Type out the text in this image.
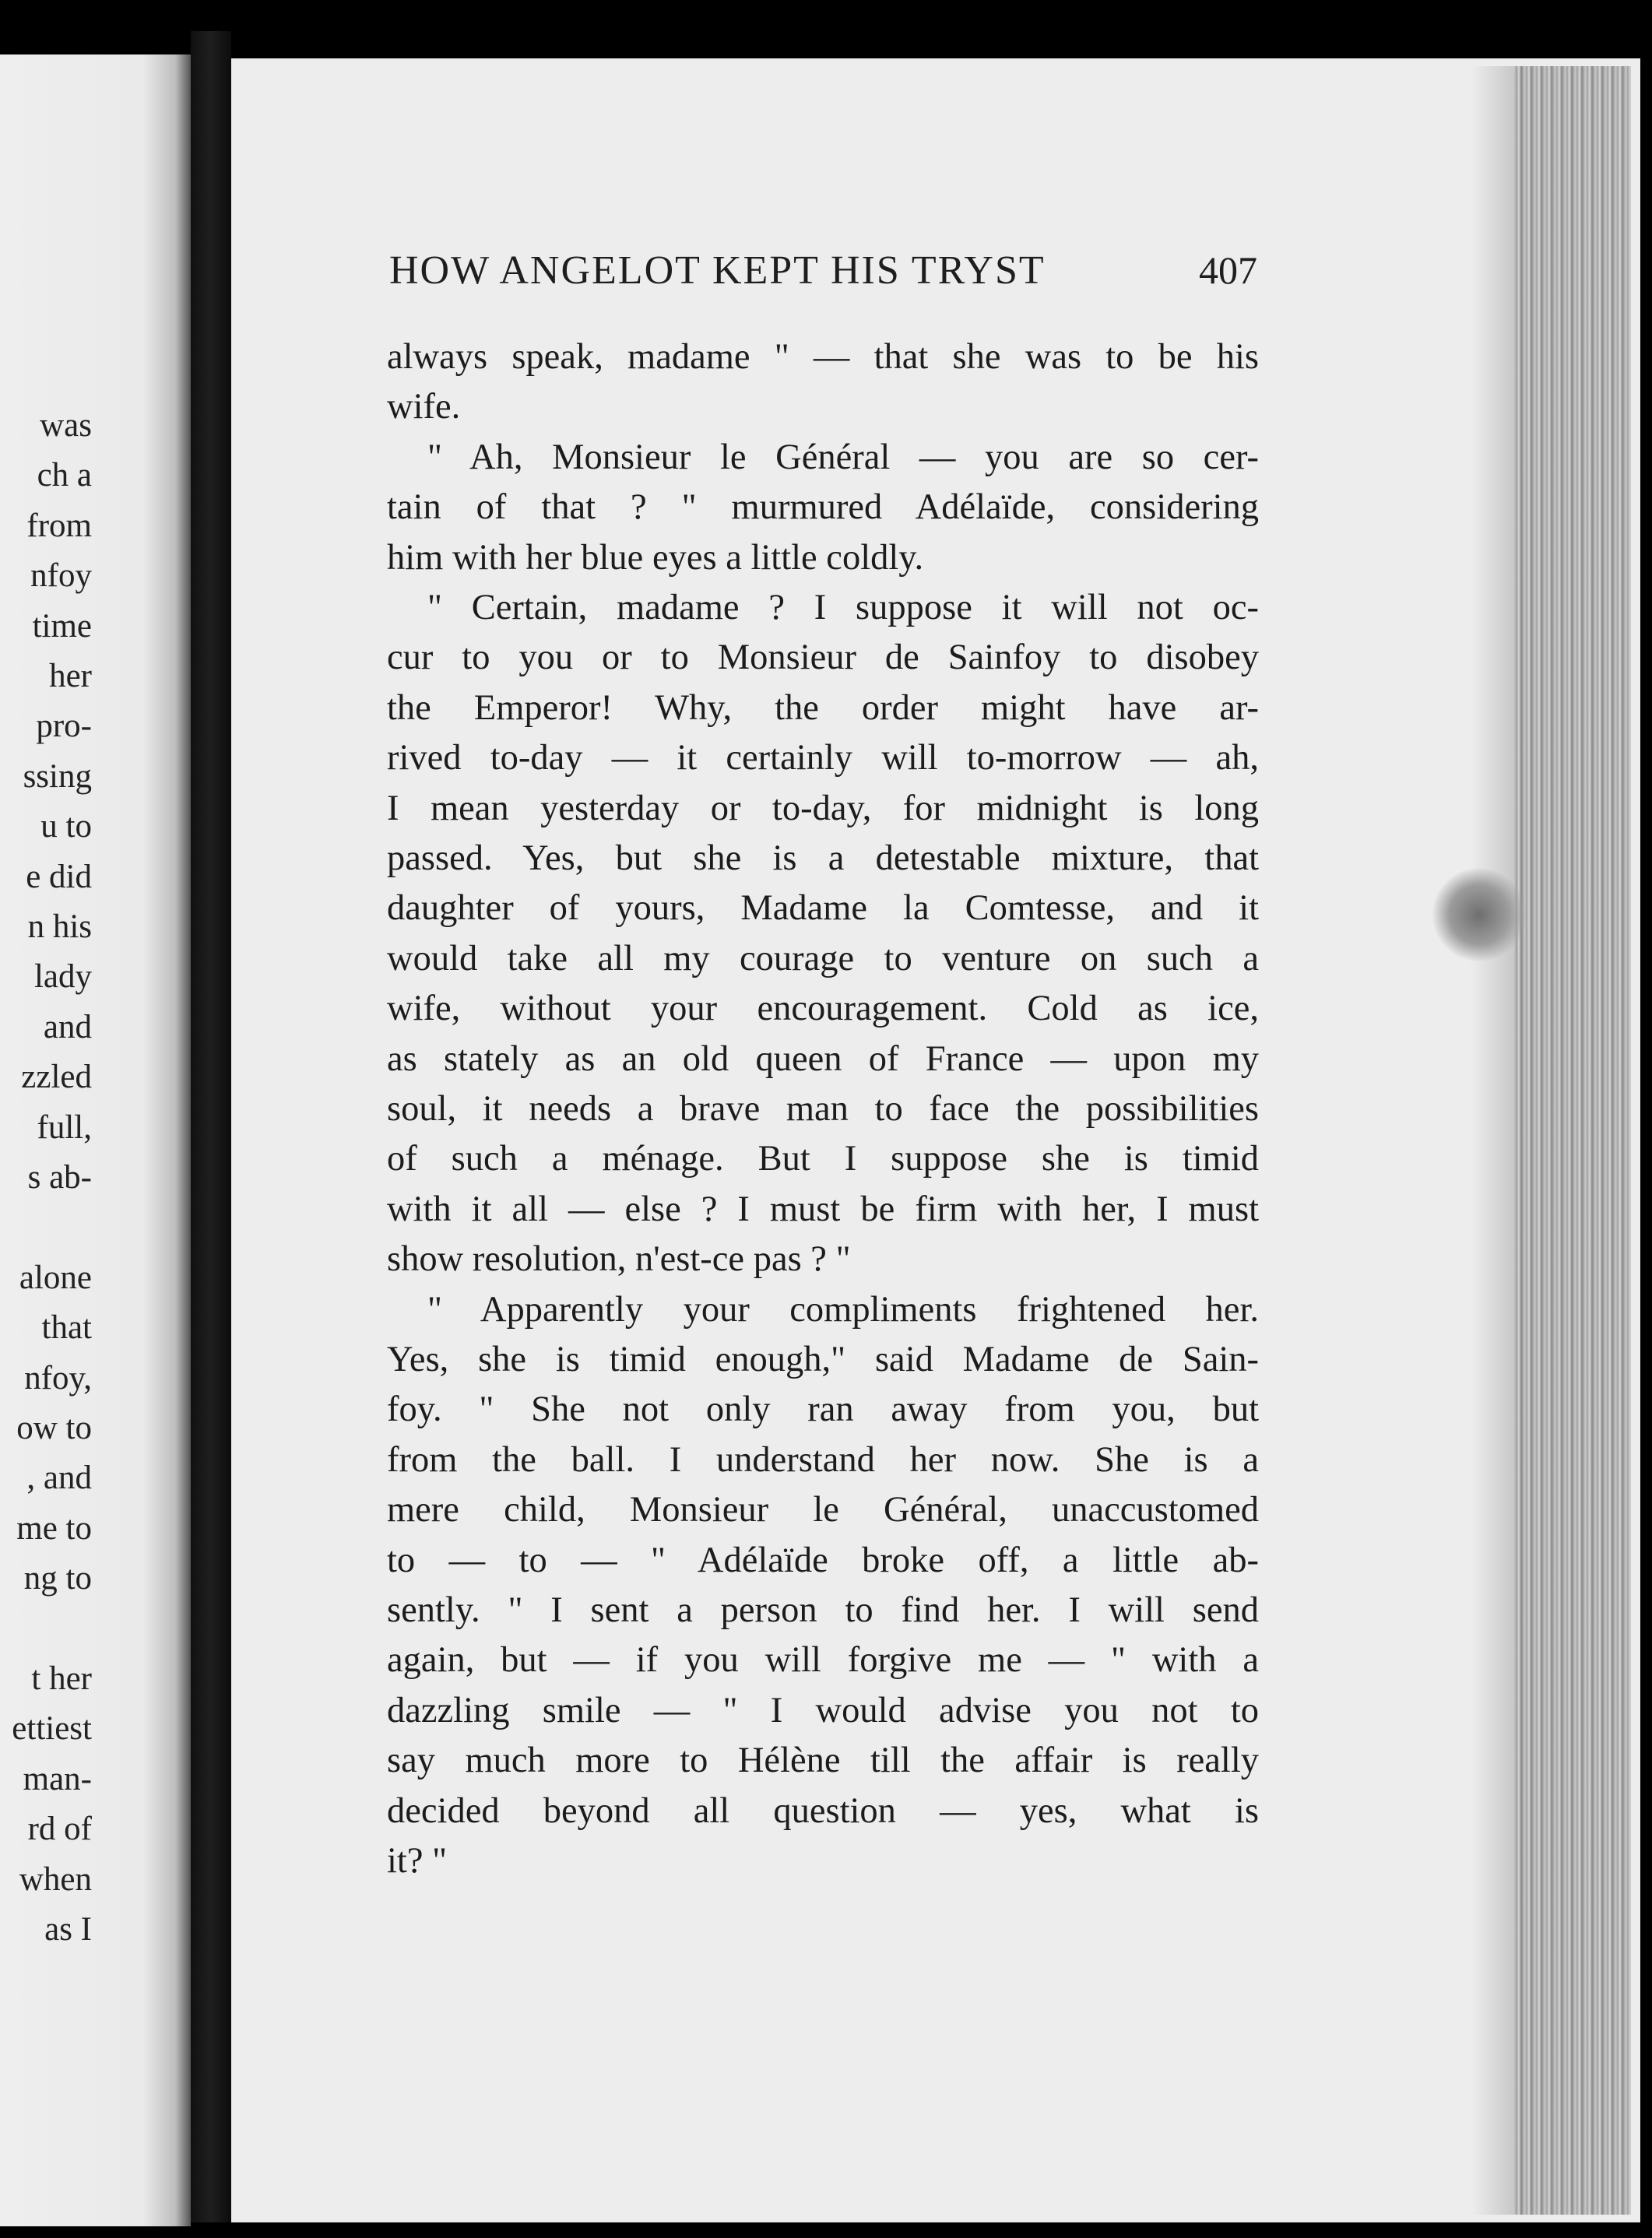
was
ch a
from
nfoy
time
her
pro-
ssing
u to
e did
n his
lady
and
zzled
full,
s ab-
alone
that
nfoy,
ow to
, and
me to
ng to
t her
ettiest
man-
rd of
when
as I
HOW ANGELOT KEPT HIS TRYST	407
always speak, madame " — that she was to be his
wife.
" Ah, Monsieur le Général — you are so cer-
tain of that ? " murmured Adélaïde, considering
him with her blue eyes a little coldly.
" Certain, madame ? I suppose it will not oc-
cur to you or to Monsieur de Sainfoy to disobey
the Emperor! Why, the order might have ar-
rived to-day — it certainly will to-morrow — ah,
I mean yesterday or to-day, for midnight is long
passed. Yes, but she is a detestable mixture, that
daughter of yours, Madame la Comtesse, and it
would take all my courage to venture on such a
wife, without your encouragement. Cold as ice,
as stately as an old queen of France — upon my
soul, it needs a brave man to face the possibilities
of such a ménage. But I suppose she is timid
with it all — else ? I must be firm with her, I must
show resolution, n'est-ce pas ? "
" Apparently your compliments frightened her.
Yes, she is timid enough," said Madame de Sain-
foy. " She not only ran away from you, but
from the ball. I understand her now. She is a
mere child, Monsieur le Général, unaccustomed
to — to — " Adélaïde broke off, a little ab-
sently. " I sent a person to find her. I will send
again, but — if you will forgive me — " with a
dazzling smile — " I would advise you not to
say much more to Hélène till the affair is really
decided beyond all question — yes, what is
it? "
